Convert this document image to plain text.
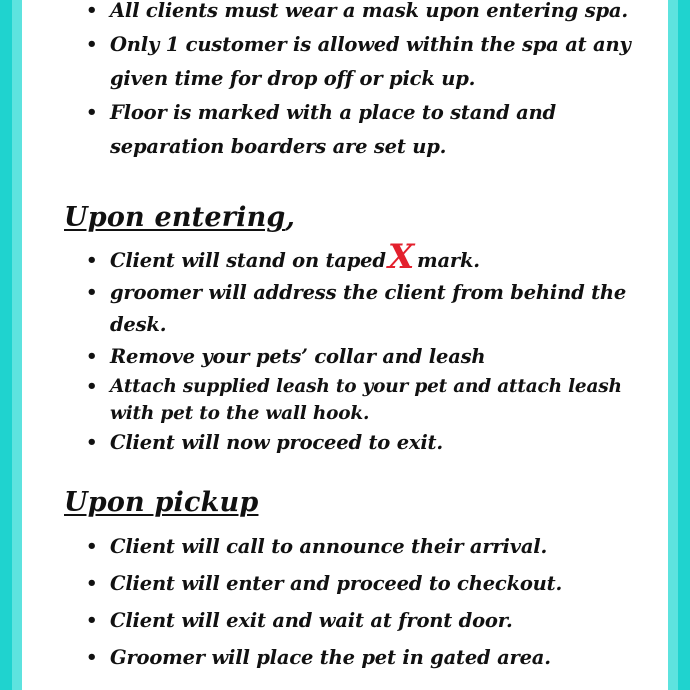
• All clients must wear a mask upon entering spa.
• Only 1 customer is allowed within the spa at any given time for drop off or pick up.
• Floor is marked with a place to stand and separation boarders are set up.
Upon entering,
• Client will stand on tapedX mark.
• groomer will address the client from behind the desk.
• Remove your pets’ collar and leash
• Attach supplied leash to your pet and attach leash with pet to the wall hook.
• Client will now proceed to exit.
Upon pickup
• Client will call to announce their arrival.
• Client will enter and proceed to checkout.
• Client will exit and wait at front door.
• Groomer will place the pet in gated area.
